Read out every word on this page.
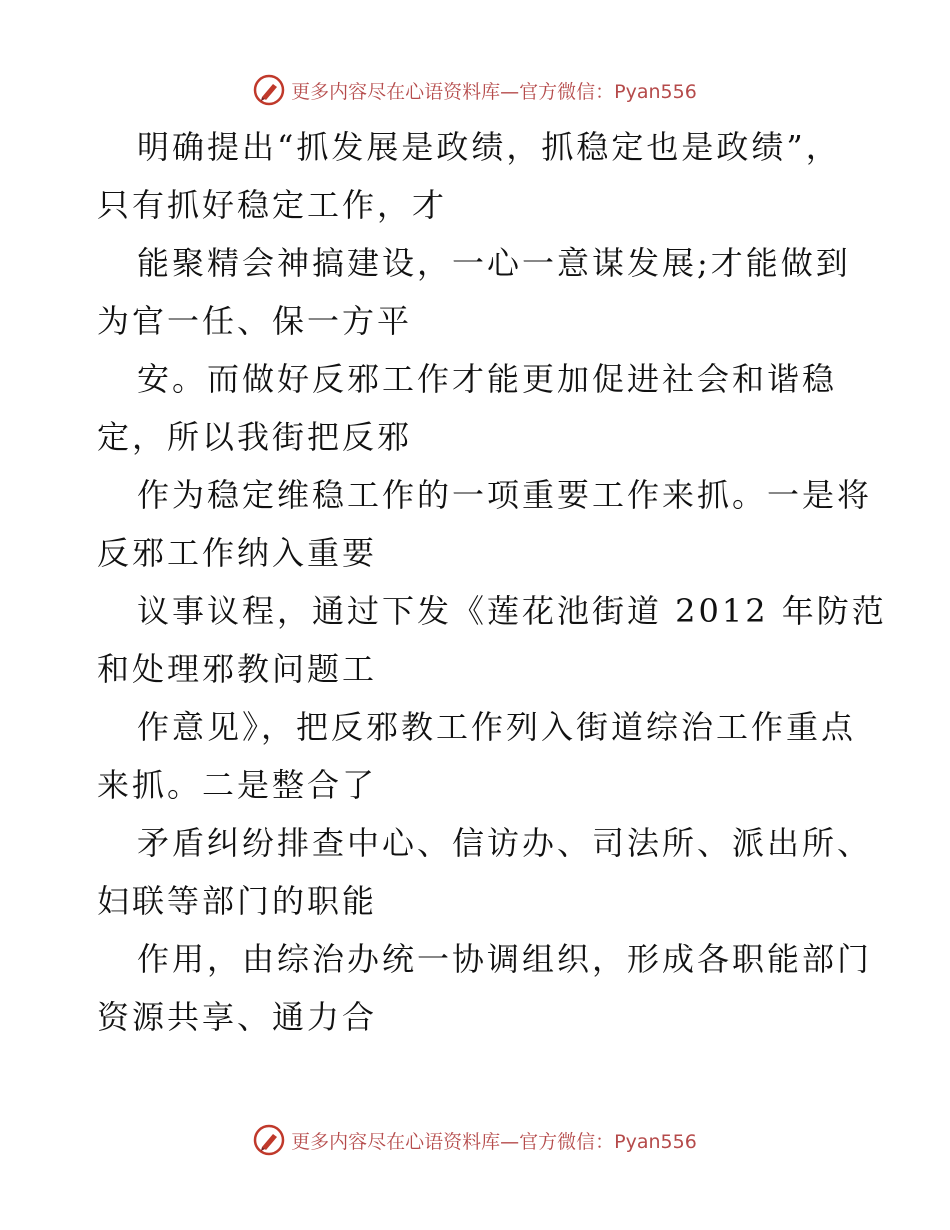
更多内容尽在心语资料库—官方微信：Pyan556
明确提出“抓发展是政绩，抓稳定也是政绩”，
只有抓好稳定工作，才
能聚精会神搞建设，一心一意谋发展;才能做到
为官一任、保一方平
安。而做好反邪工作才能更加促进社会和谐稳
定，所以我街把反邪
作为稳定维稳工作的一项重要工作来抓。一是将
反邪工作纳入重要
议事议程，通过下发《莲花池街道 2012 年防范
和处理邪教问题工
作意见》，把反邪教工作列入街道综治工作重点
来抓。二是整合了
矛盾纠纷排查中心、信访办、司法所、派出所、
妇联等部门的职能
作用，由综治办统一协调组织，形成各职能部门
资源共享、通力合
更多内容尽在心语资料库—官方微信：Pyan556
